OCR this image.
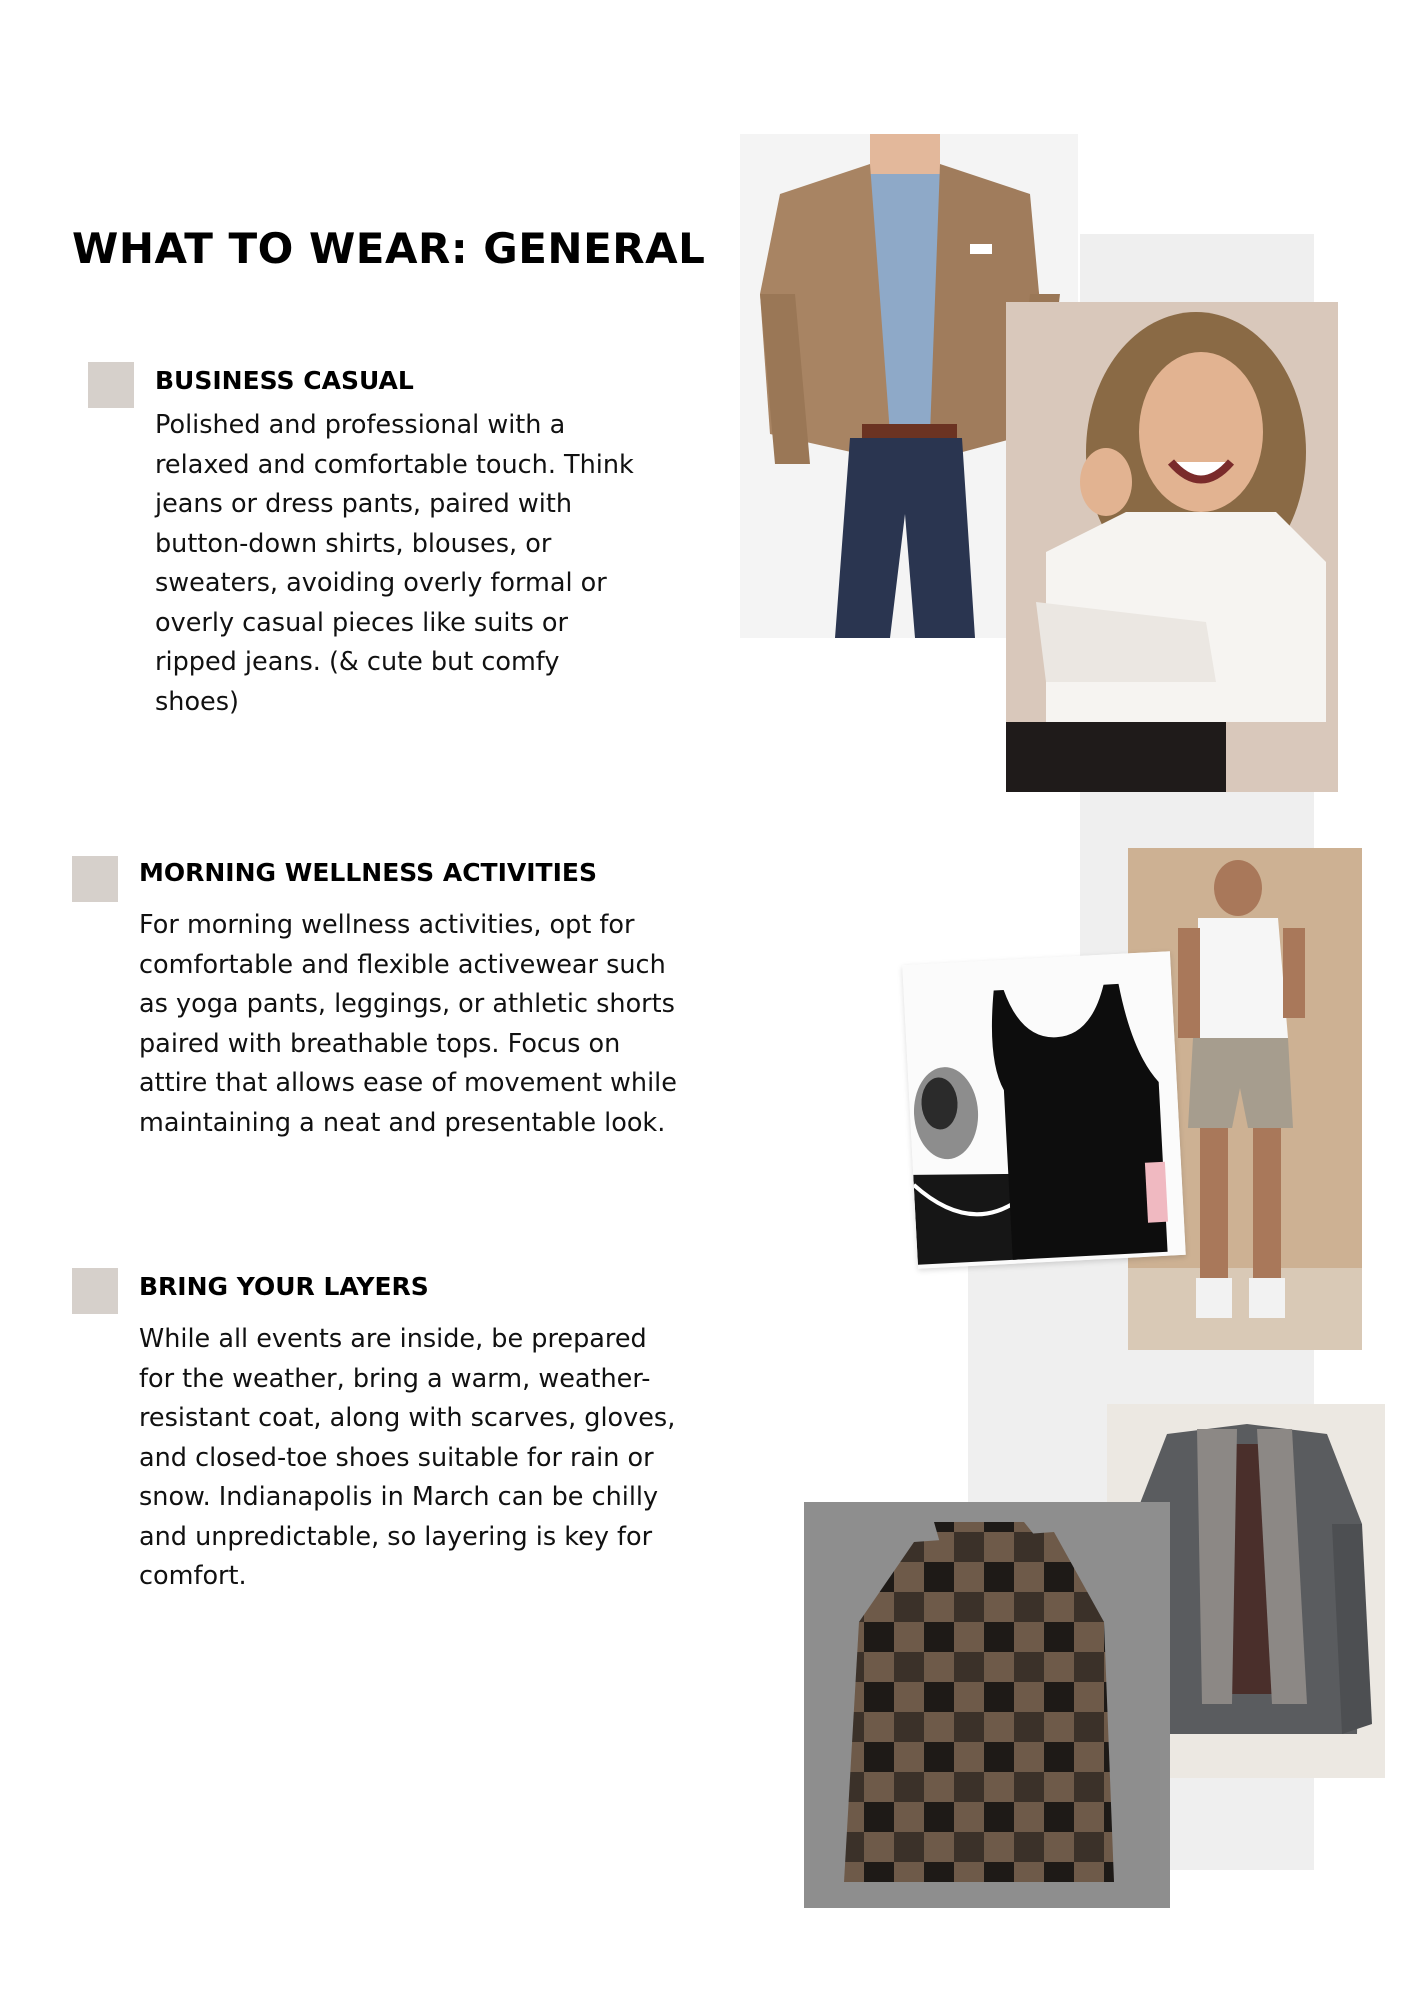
WHAT TO WEAR: GENERAL
BUSINESS CASUAL

Polished and professional with a
relaxed and comfortable touch. Think
jeans or dress pants, paired with
button-down shirts, blouses, or
sweaters, avoiding overly formal or
overly casual pieces like suits or
ripped jeans. (& cute but comfy
shoes)

MORNING WELLNESS ACTIVITIES

For morning wellness activities, opt for
comfortable and flexible activewear such
as yoga pants, leggings, or athletic shorts
paired with breathable tops. Focus on
attire that allows ease of movement while
maintaining a neat and presentable look.

BRING YOUR LAYERS

While all events are inside, be prepared
for the weather, bring a warm, weather-
resistant coat, along with scarves, gloves,
and closed-toe shoes suitable for rain or
snow. Indianapolis in March can be chilly
and unpredictable, so layering is key for
comfort.
